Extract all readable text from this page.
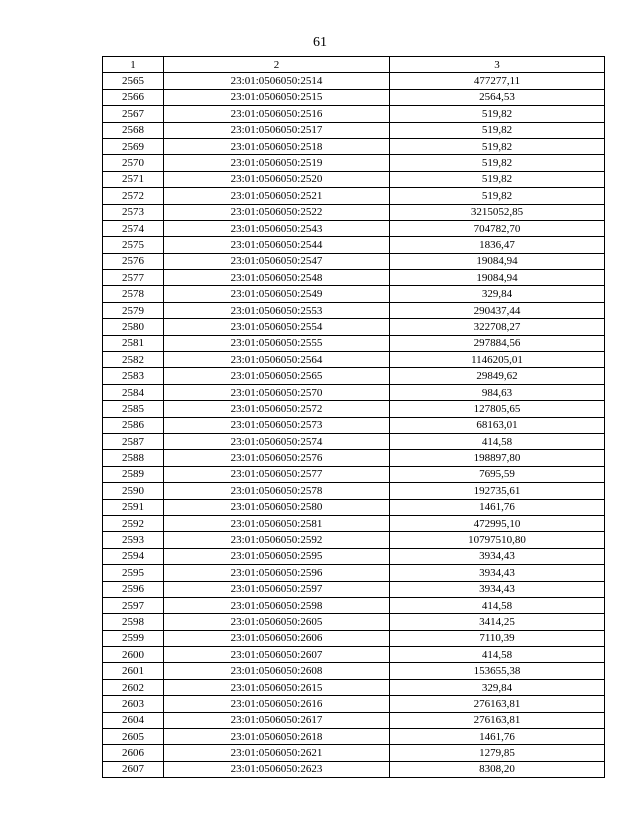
61
1	2	3
2565	23:01:0506050:2514	477277,11
2566	23:01:0506050:2515	2564,53
2567	23:01:0506050:2516	519,82
2568	23:01:0506050:2517	519,82
2569	23:01:0506050:2518	519,82
2570	23:01:0506050:2519	519,82
2571	23:01:0506050:2520	519,82
2572	23:01:0506050:2521	519,82
2573	23:01:0506050:2522	3215052,85
2574	23:01:0506050:2543	704782,70
2575	23:01:0506050:2544	1836,47
2576	23:01:0506050:2547	19084,94
2577	23:01:0506050:2548	19084,94
2578	23:01:0506050:2549	329,84
2579	23:01:0506050:2553	290437,44
2580	23:01:0506050:2554	322708,27
2581	23:01:0506050:2555	297884,56
2582	23:01:0506050:2564	1146205,01
2583	23:01:0506050:2565	29849,62
2584	23:01:0506050:2570	984,63
2585	23:01:0506050:2572	127805,65
2586	23:01:0506050:2573	68163,01
2587	23:01:0506050:2574	414,58
2588	23:01:0506050:2576	198897,80
2589	23:01:0506050:2577	7695,59
2590	23:01:0506050:2578	192735,61
2591	23:01:0506050:2580	1461,76
2592	23:01:0506050:2581	472995,10
2593	23:01:0506050:2592	10797510,80
2594	23:01:0506050:2595	3934,43
2595	23:01:0506050:2596	3934,43
2596	23:01:0506050:2597	3934,43
2597	23:01:0506050:2598	414,58
2598	23:01:0506050:2605	3414,25
2599	23:01:0506050:2606	7110,39
2600	23:01:0506050:2607	414,58
2601	23:01:0506050:2608	153655,38
2602	23:01:0506050:2615	329,84
2603	23:01:0506050:2616	276163,81
2604	23:01:0506050:2617	276163,81
2605	23:01:0506050:2618	1461,76
2606	23:01:0506050:2621	1279,85
2607	23:01:0506050:2623	8308,20
